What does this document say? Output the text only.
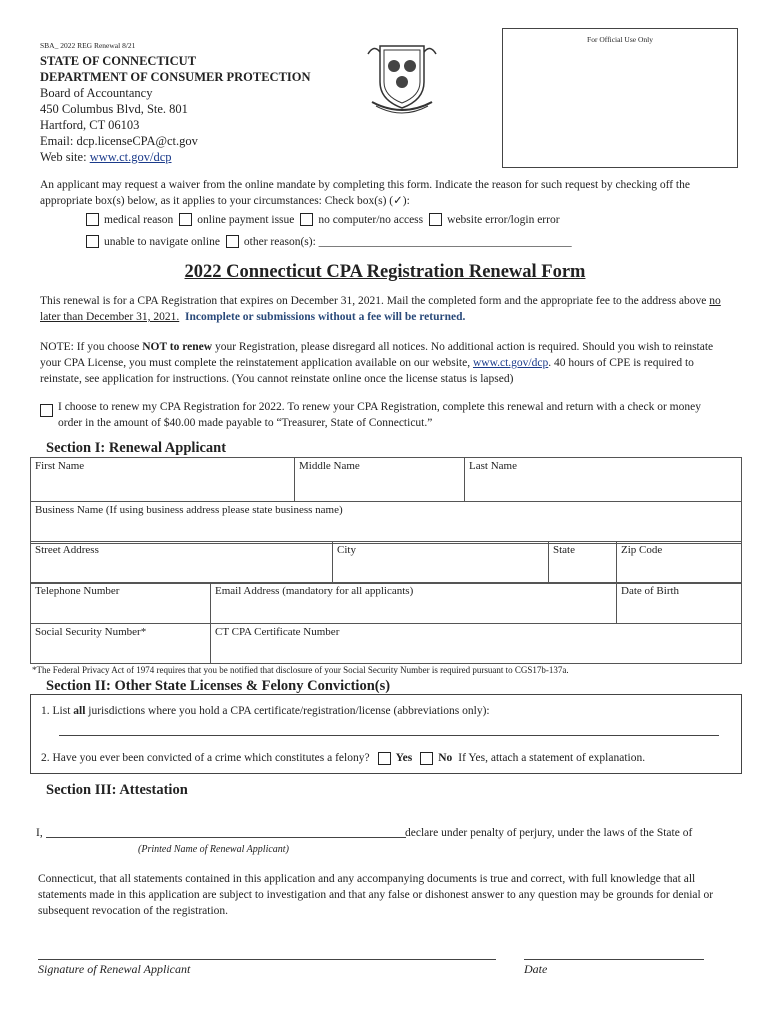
SBA_ 2022 REG Renewal 8/21
For Official Use Only
STATE OF CONNECTICUT
DEPARTMENT OF CONSUMER PROTECTION
Board of Accountancy
450 Columbus Blvd, Ste. 801
Hartford, CT 06103
Email: dcp.licenseCPA@ct.gov
Web site: www.ct.gov/dcp
An applicant may request a waiver from the online mandate by completing this form. Indicate the reason for such request by checking off the appropriate box(s) below, as it applies to your circumstances: Check box(s) (✓):
medical reason online payment issue no computer/no access website error/login error
unable to navigate online other reason(s): ____________________________________________
2022 Connecticut CPA Registration Renewal Form
This renewal is for a CPA Registration that expires on December 31, 2021. Mail the completed form and the appropriate fee to the address above no later than December 31, 2021. Incomplete or submissions without a fee will be returned.
NOTE: If you choose NOT to renew your Registration, please disregard all notices. No additional action is required. Should you wish to reinstate your CPA License, you must complete the reinstatement application available on our website, www.ct.gov/dcp. 40 hours of CPE is required to reinstate, see application for instructions. (You cannot reinstate online once the license status is lapsed)
I choose to renew my CPA Registration for 2022. To renew your CPA Registration, complete this renewal and return with a check or money order in the amount of $40.00 made payable to “Treasurer, State of Connecticut.”
Section I: Renewal Applicant
First Name	Middle Name	Last Name
Business Name (If using business address please state business name)
Street Address	City	State	Zip Code
Telephone Number	Email Address (mandatory for all applicants)	Date of Birth
Social Security Number*	CT CPA Certificate Number	
*The Federal Privacy Act of 1974 requires that you be notified that disclosure of your Social Security Number is required pursuant to CGS17b-137a.
Section II: Other State Licenses & Felony Conviction(s)
1. List all jurisdictions where you hold a CPA certificate/registration/license (abbreviations only):
2. Have you ever been convicted of a crime which constitutes a felony? Yes No If Yes, attach a statement of explanation.
Section III: Attestation
I,	declare under penalty of perjury, under the laws of the State of
(Printed Name of Renewal Applicant)
Connecticut, that all statements contained in this application and any accompanying documents is true and correct, with full knowledge that all statements made in this application are subject to investigation and that any false or dishonest answer to any question may be grounds for denial or subsequent revocation of the registration.
Signature of Renewal Applicant	Date
